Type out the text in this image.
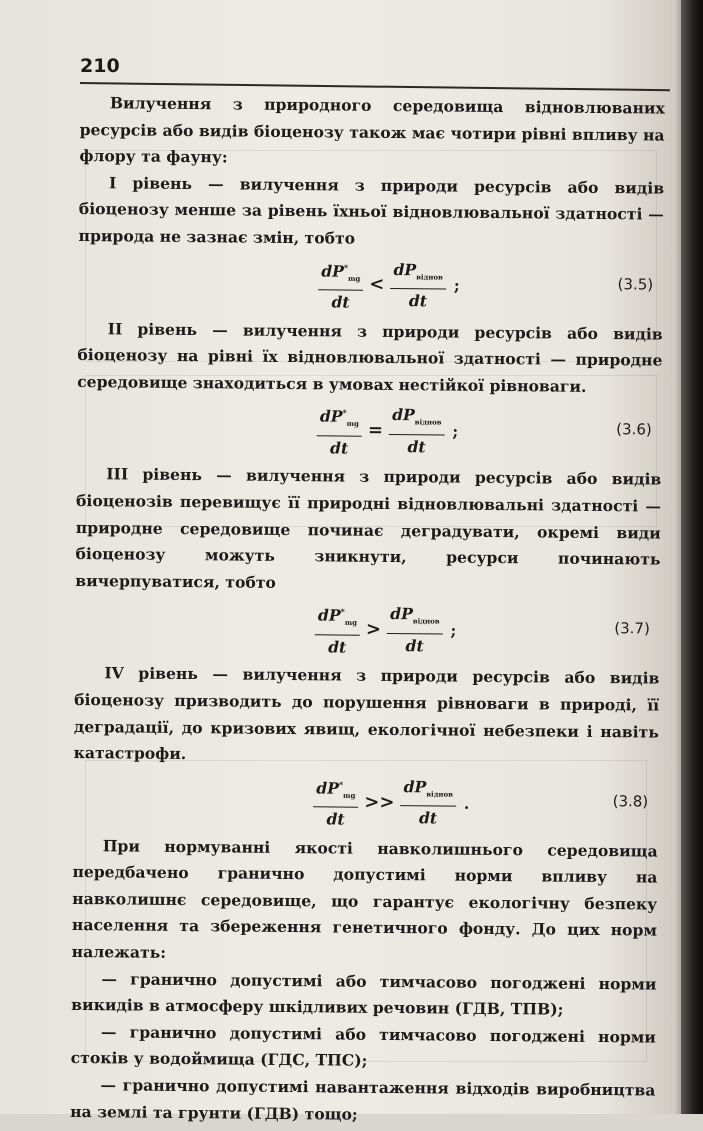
210

Вилучення з природного середовища відновлюваних ресурсів або видів біоценозу також має чотири рівні впливу на флору та фауну:

І рівень — вилучення з природи ресурсів або видів біоценозу менше за рівень їхньої відновлювальної здатності — природа не зазнає змін, тобто

$\frac{dP^*_{mg}}{dt} < \frac{dP_{віднов}}{dt}$ ;	(3.5)

ІІ рівень — вилучення з природи ресурсів або видів біоценозу на рівні їх відновлювальної здатності — природне середовище знаходиться в умовах нестійкої рівноваги.

$\frac{dP^*_{mg}}{dt} = \frac{dP_{віднов}}{dt}$ ;	(3.6)

ІІІ рівень — вилучення з природи ресурсів або видів біоценозів перевищує її природні відновлювальні здатності — природне середовище починає деградувати, окремі види біоценозу можуть зникнути, ресурси починають вичерпуватися, тобто

$\frac{dP^*_{mg}}{dt} > \frac{dP_{віднов}}{dt}$ ;	(3.7)

IV рівень — вилучення з природи ресурсів або видів біоценозу призводить до порушення рівноваги в природі, її деградації, до кризових явищ, екологічної небезпеки і навіть катастрофи.

$\frac{dP^*_{mg}}{dt} >> \frac{dP_{віднов}}{dt}$ .	(3.8)

При нормуванні якості навколишнього середовища передбачено гранично допустимі норми впливу на навколишнє середовище, що гарантує екологічну безпеку населення та збереження генетичного фонду. До цих норм належать:

— гранично допустимі або тимчасово погоджені норми викидів в атмосферу шкідливих речовин (ГДВ, ТПВ);

— гранично допустимі або тимчасово погоджені норми стоків у водоймища (ГДС, ТПС);

— гранично допустимі навантаження відходів виробництва на землі та грунти (ГДВ) тощо;
